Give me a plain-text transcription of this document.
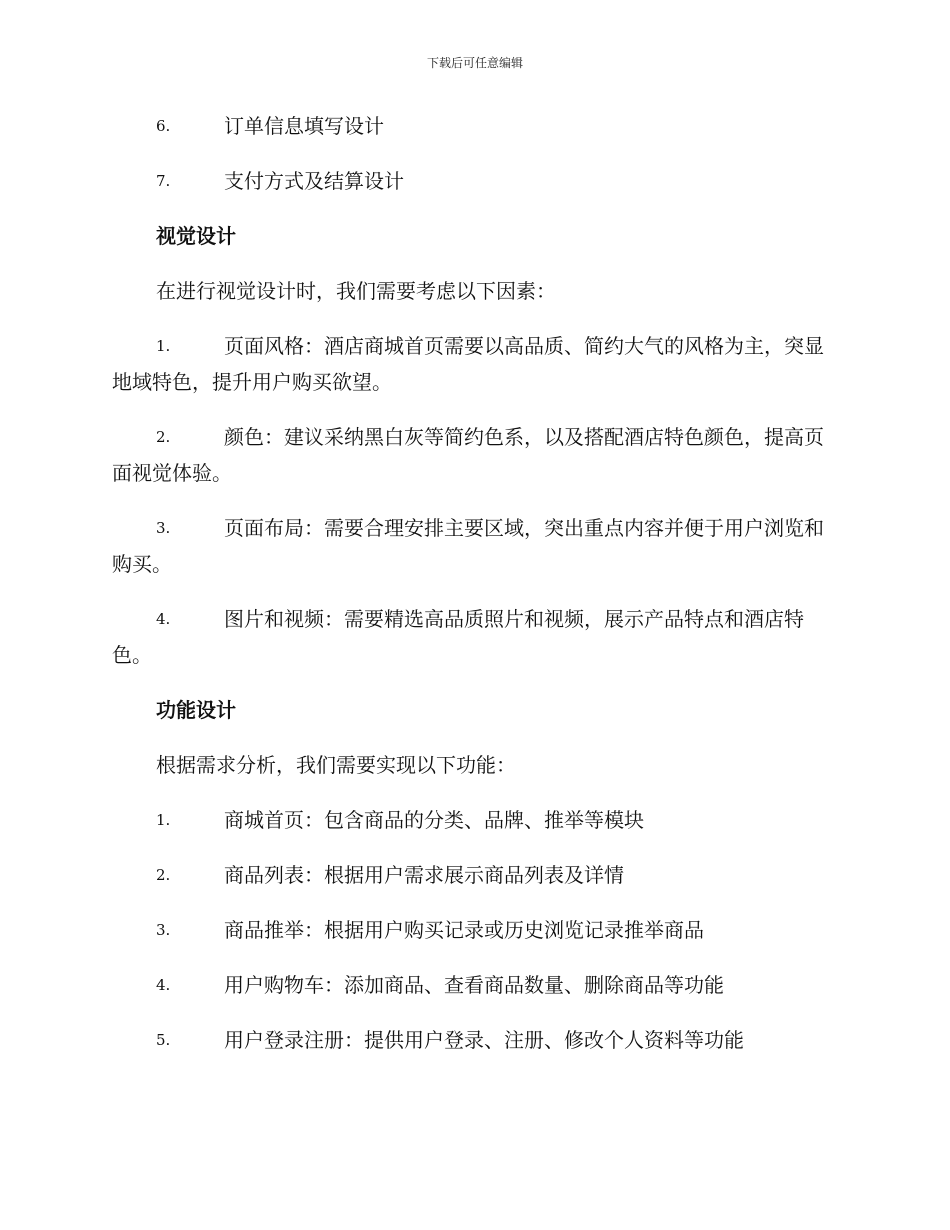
下载后可任意编辑
6.	订单信息填写设计
7.	支付方式及结算设计
视觉设计
在进行视觉设计时，我们需要考虑以下因素：
1.	页面风格：酒店商城首页需要以高品质、简约大气的风格为主，突显地域特色，提升用户购买欲望。
2.	颜色：建议采纳黑白灰等简约色系，以及搭配酒店特色颜色，提高页面视觉体验。
3.	页面布局：需要合理安排主要区域，突出重点内容并便于用户浏览和购买。
4.	图片和视频：需要精选高品质照片和视频，展示产品特点和酒店特色。
功能设计
根据需求分析，我们需要实现以下功能：
1.	商城首页：包含商品的分类、品牌、推举等模块
2.	商品列表：根据用户需求展示商品列表及详情
3.	商品推举：根据用户购买记录或历史浏览记录推举商品
4.	用户购物车：添加商品、查看商品数量、删除商品等功能
5.	用户登录注册：提供用户登录、注册、修改个人资料等功能
